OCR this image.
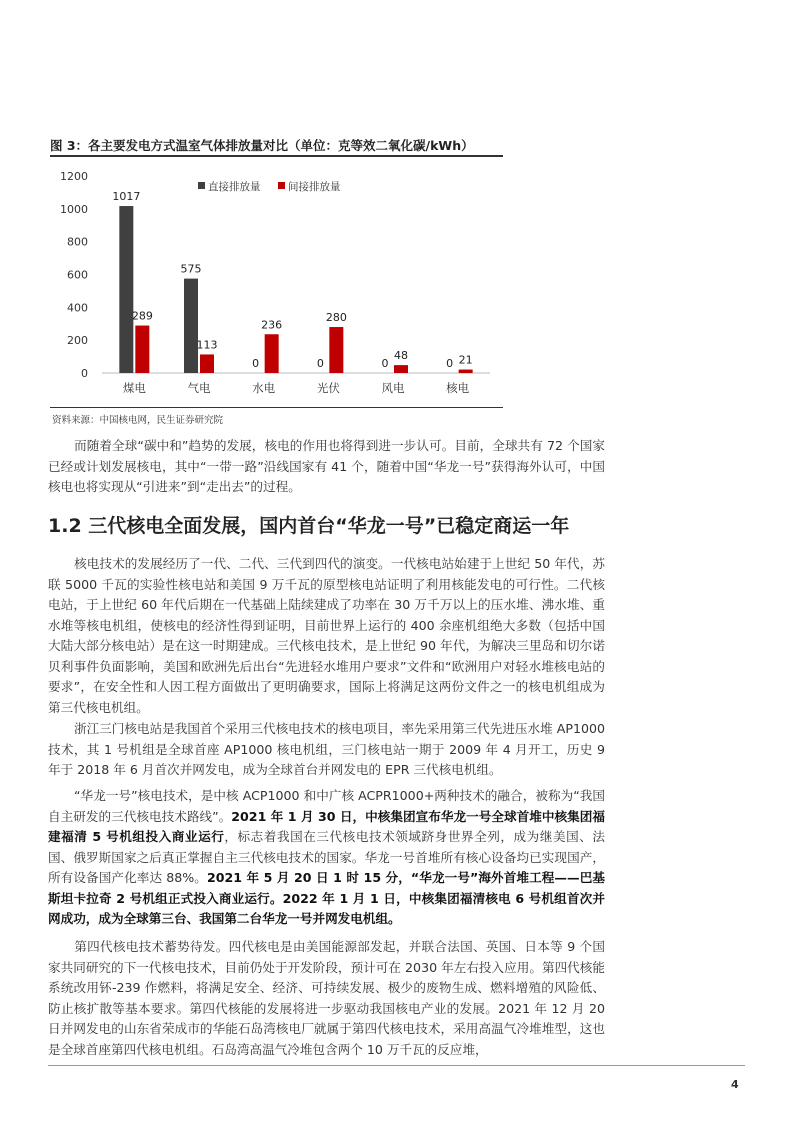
图 3：各主要发电方式温室气体排放量对比（单位：克等效二氧化碳/kWh）
0
200
400
600
800
1000
1200
煤电
1017
289
气电
575
113
水电
0
236
光伏
0
280
风电
0
48
核电
0 21
直接排放量	间接排放量
资料来源：中国核电网，民生证券研究院

而随着全球“碳中和”趋势的发展，核电的作用也将得到进一步认可。目前，全球共有 72 个国家已经或计划发展核电，其中“一带一路”沿线国家有 41 个，随着中国“华龙一号”获得海外认可，中国核电也将实现从“引进来”到“走出去”的过程。

1.2 三代核电全面发展，国内首台“华龙一号”已稳定商运一年

核电技术的发展经历了一代、二代、三代到四代的演变。一代核电站始建于上世纪 50 年代，苏联 5000 千瓦的实验性核电站和美国 9 万千瓦的原型核电站证明了利用核能发电的可行性。二代核电站，于上世纪 60 年代后期在一代基础上陆续建成了功率在 30 万千万以上的压水堆、沸水堆、重水堆等核电机组，使核电的经济性得到证明，目前世界上运行的 400 余座机组绝大多数（包括中国大陆大部分核电站）是在这一时期建成。三代核电技术，是上世纪 90 年代，为解决三里岛和切尔诺贝利事件负面影响，美国和欧洲先后出台“先进轻水堆用户要求”文件和“欧洲用户对轻水堆核电站的要求”，在安全性和人因工程方面做出了更明确要求，国际上将满足这两份文件之一的核电机组成为第三代核电机组。

浙江三门核电站是我国首个采用三代核电技术的核电项目，率先采用第三代先进压水堆 AP1000 技术，其 1 号机组是全球首座 AP1000 核电机组，三门核电站一期于 2009 年 4 月开工，历史 9 年于 2018 年 6 月首次并网发电，成为全球首台并网发电的 EPR 三代核电机组。

“华龙一号”核电技术，是中核 ACP1000 和中广核 ACPR1000+两种技术的融合，被称为“我国自主研发的三代核电技术路线”。2021 年 1 月 30 日，中核集团宣布华龙一号全球首堆中核集团福建福清 5 号机组投入商业运行，标志着我国在三代核电技术领域跻身世界全列，成为继美国、法国、俄罗斯国家之后真正掌握自主三代核电技术的国家。华龙一号首堆所有核心设备均已实现国产，所有设备国产化率达 88%。2021 年 5 月 20 日 1 时 15 分，“华龙一号”海外首堆工程——巴基斯坦卡拉奇 2 号机组正式投入商业运行。2022 年 1 月 1 日，中核集团福清核电 6 号机组首次并网成功，成为全球第三台、我国第二台华龙一号并网发电机组。

第四代核电技术蓄势待发。四代核电是由美国能源部发起，并联合法国、英国、日本等 9 个国家共同研究的下一代核电技术，目前仍处于开发阶段，预计可在 2030 年左右投入应用。第四代核能系统改用钚-239 作燃料，将满足安全、经济、可持续发展、极少的废物生成、燃料增殖的风险低、防止核扩散等基本要求。第四代核能的发展将进一步驱动我国核电产业的发展。2021 年 12 月 20 日并网发电的山东省荣成市的华能石岛湾核电厂就属于第四代核电技术，采用高温气冷堆堆型，这也是全球首座第四代核电机组。石岛湾高温气冷堆包含两个 10 万千瓦的反应堆，

4
